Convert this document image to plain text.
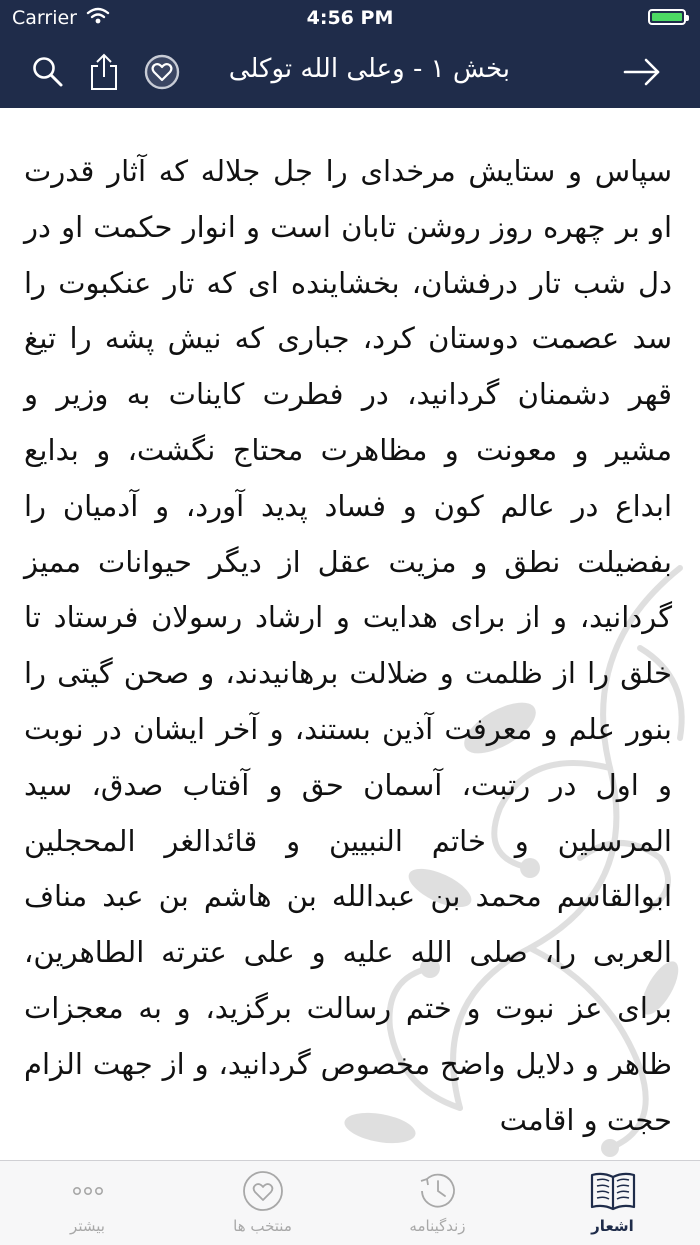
Carrier	4:56 PM
بخش ۱ - وعلی الله توکلی

سپاس و ستایش مرخدای را جل جلاله که آثار قدرت او بر چهره روز روشن تابان است و انوار حکمت او در دل شب تار درفشان، بخشاینده ای که تار عنکبوت را سد عصمت دوستان کرد، جباری که نیش پشه را تیغ قهر دشمنان گردانید، در فطرت کاینات به وزیر و مشیر و معونت و مظاهرت محتاج نگشت، و بدایع ابداع در عالم کون و فساد پدید آورد، و آدمیان را بفضیلت نطق و مزیت عقل از دیگر حیوانات ممیز گردانید، و از برای هدایت و ارشاد رسولان فرستاد تا خلق را از ظلمت و ضلالت برهانیدند، و صحن گیتی را بنور علم و معرفت آذین بستند، و آخر ایشان در نوبت و اول در رتبت، آسمان حق و آفتاب صدق، سید المرسلین و خاتم النبیین و قائدالغر المحجلین ابوالقاسم محمد بن عبدالله بن هاشم بن عبد مناف العربی را، صلی الله علیه و علی عترته الطاهرین، برای عز نبوت و ختم رسالت برگزید، و به معجزات ظاهر و دلایل واضح مخصوص گردانید، و از جهت الزام حجت و اقامت

بیشتر	منتخب ها	زندگینامه	اشعار
